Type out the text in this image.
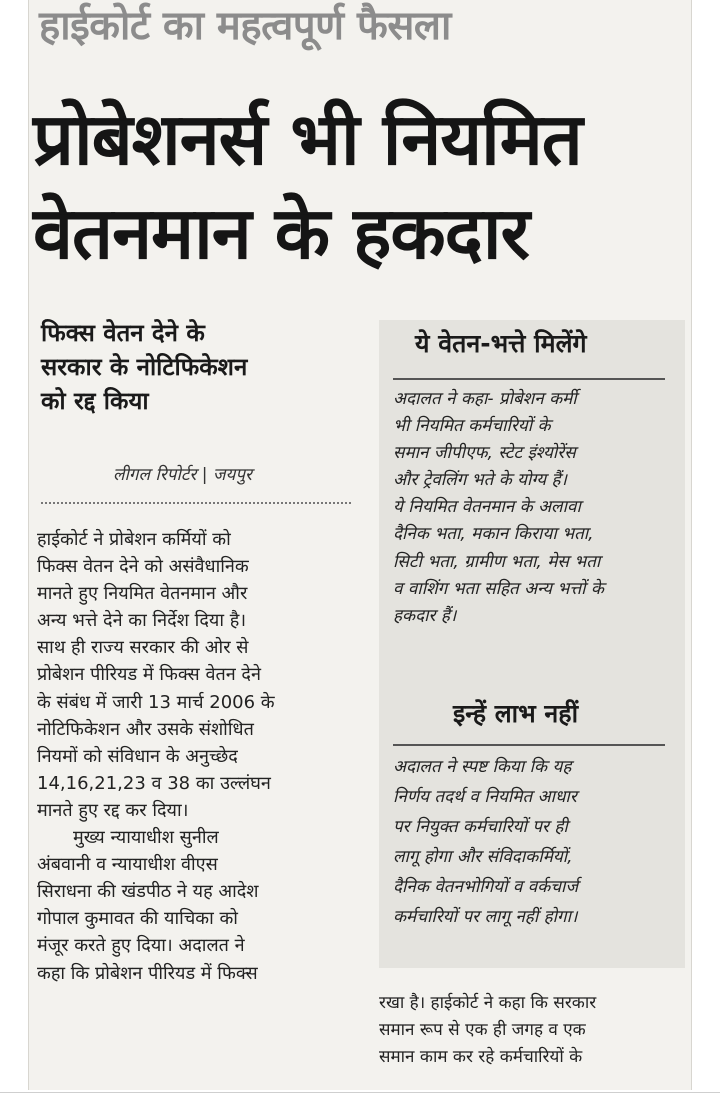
हाईकोर्ट का महत्वपूर्ण फैसला
प्रोबेशनर्स भी नियमित
वेतनमान के हकदार
फिक्स वेतन देने के
सरकार के नोटिफिकेशन
को रद्द किया
लीगल रिपोर्टर | जयपुर
हाईकोर्ट ने प्रोबेशन कर्मियों को
फिक्स वेतन देने को असंवैधानिक
मानते हुए नियमित वेतनमान और
अन्य भत्ते देने का निर्देश दिया है।
साथ ही राज्य सरकार की ओर से
प्रोबेशन पीरियड में फिक्स वेतन देने
के संबंध में जारी 13 मार्च 2006 के
नोटिफिकेशन और उसके संशोधित
नियमों को संविधान के अनुच्छेद
14,16,21,23 व 38 का उल्लंघन
मानते हुए रद्द कर दिया।
मुख्य न्यायाधीश सुनील
अंबवानी व न्यायाधीश वीएस
सिराधना की खंडपीठ ने यह आदेश
गोपाल कुमावत की याचिका को
मंजूर करते हुए दिया। अदालत ने
कहा कि प्रोबेशन पीरियड में फिक्स
ये वेतन-भत्ते मिलेंगे
अदालत ने कहा- प्रोबेशन कर्मी
भी नियमित कर्मचारियों के
समान जीपीएफ, स्टेट इंश्योरेंस
और ट्रेवलिंग भते के योग्य हैं।
ये नियमित वेतनमान के अलावा
दैनिक भता, मकान किराया भता,
सिटी भता, ग्रामीण भता, मेस भता
व वाशिंग भता सहित अन्य भत्तों के
हकदार हैं।
इन्हें लाभ नहीं
अदालत ने स्पष्ट किया कि यह
निर्णय तदर्थ व नियमित आधार
पर नियुक्त कर्मचारियों पर ही
लागू होगा और संविदाकर्मियों,
दैनिक वेतनभोगियों व वर्कचार्ज
कर्मचारियों पर लागू नहीं होगा।
रखा है। हाईकोर्ट ने कहा कि सरकार
समान रूप से एक ही जगह व एक
समान काम कर रहे कर्मचारियों के
